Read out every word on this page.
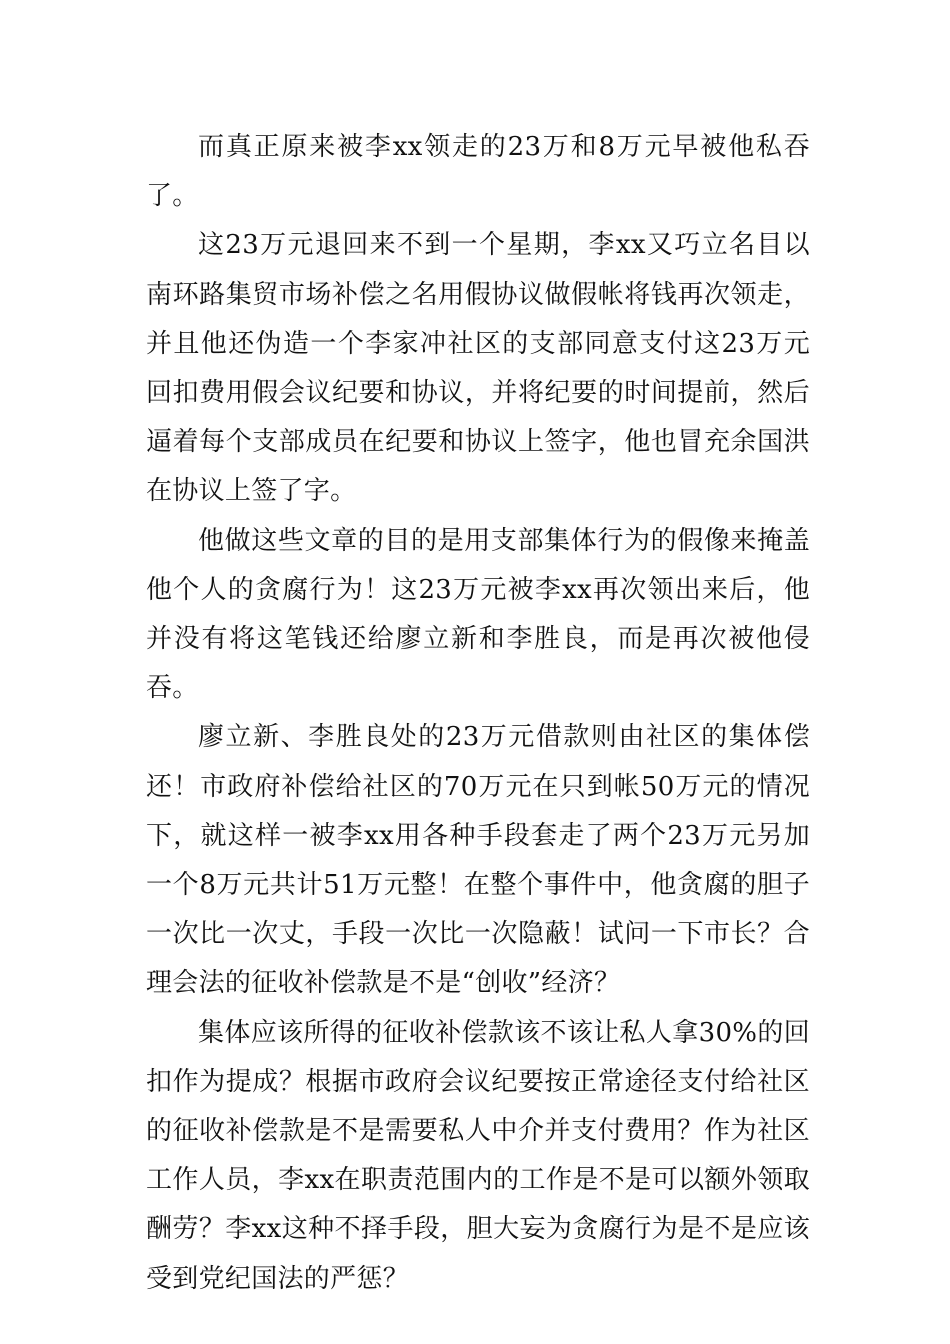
而真正原来被李xx领走的23万和8万元早被他私吞了。

这23万元退回来不到一个星期，李xx又巧立名目以南环路集贸市场补偿之名用假协议做假帐将钱再次领走，并且他还伪造一个李家冲社区的支部同意支付这23万元回扣费用假会议纪要和协议，并将纪要的时间提前，然后逼着每个支部成员在纪要和协议上签字，他也冒充余国洪在协议上签了字。

他做这些文章的目的是用支部集体行为的假像来掩盖他个人的贪腐行为！这23万元被李xx再次领出来后，他并没有将这笔钱还给廖立新和李胜良，而是再次被他侵吞。

廖立新、李胜良处的23万元借款则由社区的集体偿还！市政府补偿给社区的70万元在只到帐50万元的情况下，就这样一被李xx用各种手段套走了两个23万元另加一个8万元共计51万元整！在整个事件中，他贪腐的胆子一次比一次丈，手段一次比一次隐蔽！试问一下市长？合理会法的征收补偿款是不是“创收”经济？

集体应该所得的征收补偿款该不该让私人拿30%的回扣作为提成？根据市政府会议纪要按正常途径支付给社区的征收补偿款是不是需要私人中介并支付费用？作为社区工作人员，李xx在职责范围内的工作是不是可以额外领取酬劳？李xx这种不择手段，胆大妄为贪腐行为是不是应该受到党纪国法的严惩？
